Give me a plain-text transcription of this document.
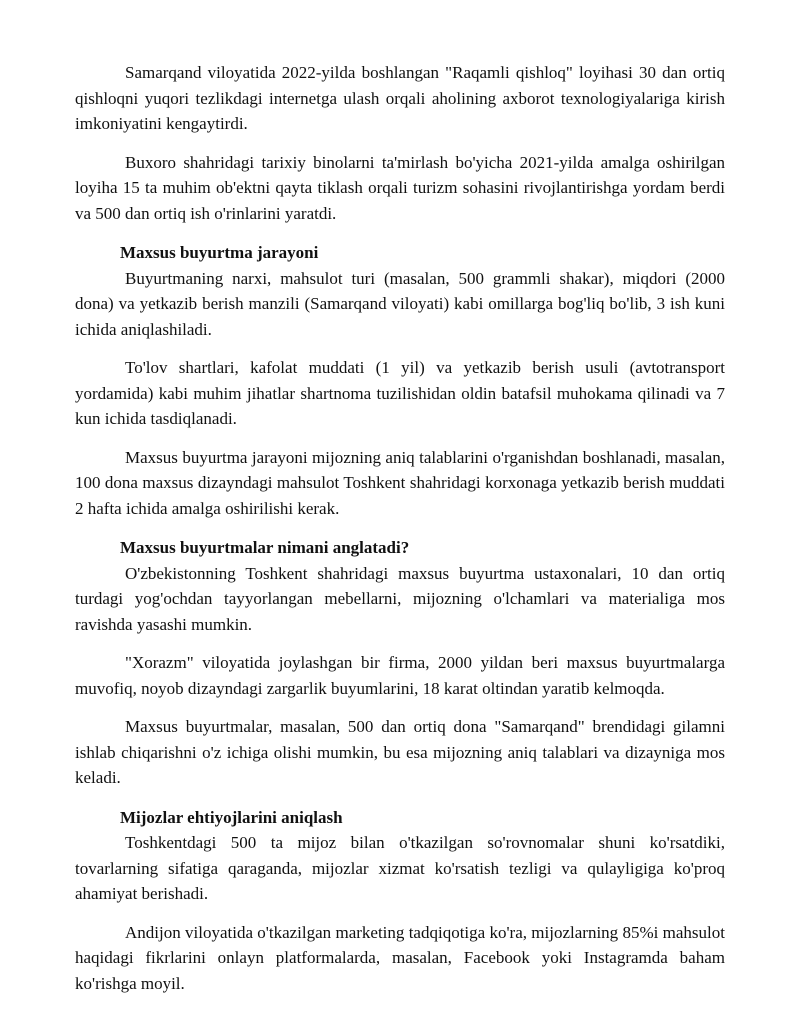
Samarqand viloyatida 2022-yilda boshlangan "Raqamli qishloq" loyihasi 30 dan ortiq qishloqni yuqori tezlikdagi internetga ulash orqali aholining axborot texnologiyalariga kirish imkoniyatini kengaytirdi.

Buxoro shahridagi tarixiy binolarni ta'mirlash bo'yicha 2021-yilda amalga oshirilgan loyiha 15 ta muhim ob'ektni qayta tiklash orqali turizm sohasini rivojlantirishga yordam berdi va 500 dan ortiq ish o'rinlarini yaratdi.

Maxsus buyurtma jarayoni

Buyurtmaning narxi, mahsulot turi (masalan, 500 grammli shakar), miqdori (2000 dona) va yetkazib berish manzili (Samarqand viloyati) kabi omillarga bog'liq bo'lib, 3 ish kuni ichida aniqlashiladi.

To'lov shartlari, kafolat muddati (1 yil) va yetkazib berish usuli (avtotransport yordamida) kabi muhim jihatlar shartnoma tuzilishidan oldin batafsil muhokama qilinadi va 7 kun ichida tasdiqlanadi.

Maxsus buyurtma jarayoni mijozning aniq talablarini o'rganishdan boshlanadi, masalan, 100 dona maxsus dizayndagi mahsulot Toshkent shahridagi korxonaga yetkazib berish muddati 2 hafta ichida amalga oshirilishi kerak.

Maxsus buyurtmalar nimani anglatadi?

O'zbekistonning Toshkent shahridagi maxsus buyurtma ustaxonalari, 10 dan ortiq turdagi yog'ochdan tayyorlangan mebellarni, mijozning o'lchamlari va materialiga mos ravishda yasashi mumkin.

"Xorazm" viloyatida joylashgan bir firma, 2000 yildan beri maxsus buyurtmalarga muvofiq, noyob dizayndagi zargarlik buyumlarini, 18 karat oltindan yaratib kelmoqda.

Maxsus buyurtmalar, masalan, 500 dan ortiq dona "Samarqand" brendidagi gilamni ishlab chiqarishni o'z ichiga olishi mumkin, bu esa mijozning aniq talablari va dizayniga mos keladi.

Mijozlar ehtiyojlarini aniqlash

Toshkentdagi 500 ta mijoz bilan o'tkazilgan so'rovnomalar shuni ko'rsatdiki, tovarlarning sifatiga qaraganda, mijozlar xizmat ko'rsatish tezligi va qulayligiga ko'proq ahamiyat berishadi.

Andijon viloyatida o'tkazilgan marketing tadqiqotiga ko'ra, mijozlarning 85%i mahsulot haqidagi fikrlarini onlayn platformalarda, masalan, Facebook yoki Instagramda baham ko'rishga moyil.
